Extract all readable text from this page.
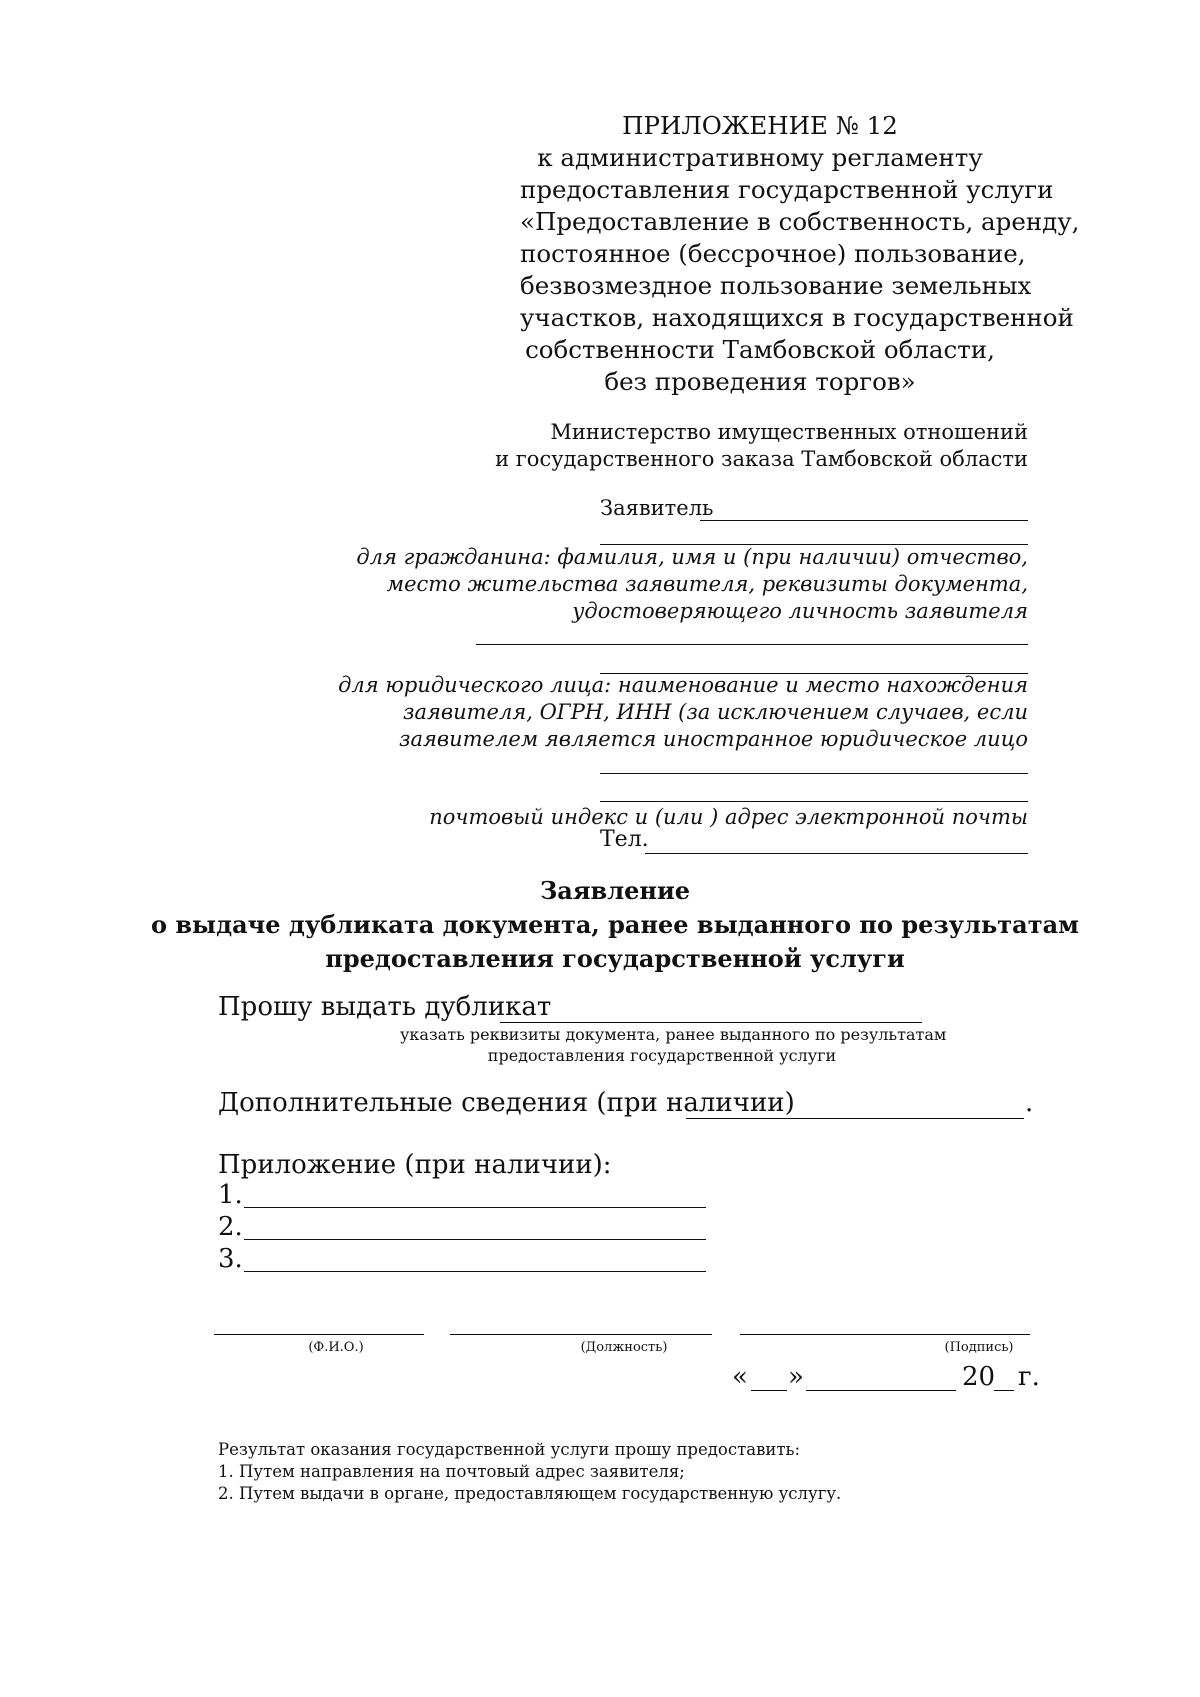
ПРИЛОЖЕНИЕ № 12
к административному регламенту
предоставления государственной услуги
«Предоставление в собственность, аренду,
постоянное (бессрочное) пользование,
безвозмездное пользование земельных
участков, находящихся в государственной
собственности Тамбовской области,
без проведения торгов»
Министерство имущественных отношений
и государственного заказа Тамбовской области
Заявитель
для гражданина: фамилия, имя и (при наличии) отчество,
место жительства заявителя, реквизиты документа,
удостоверяющего личность заявителя
для юридического лица: наименование и место нахождения
заявителя, ОГРН, ИНН (за исключением случаев, если
заявителем является иностранное юридическое лицо
почтовый индекс и (или ) адрес электронной почты
Тел.
Заявление
о выдаче дубликата документа, ранее выданного по результатам
предоставления государственной услуги
Прошу выдать дубликат
указать реквизиты документа, ранее выданного по результатам
предоставления государственной услуги
Дополнительные сведения (при наличии)	.
Приложение (при наличии):
1.
2.
3.
(Ф.И.О.)	(Должность)	(Подпись)
« »	20 г.
Результат оказания государственной услуги прошу предоставить:
1. Путем направления на почтовый адрес заявителя;
2. Путем выдачи в органе, предоставляющем государственную услугу.
